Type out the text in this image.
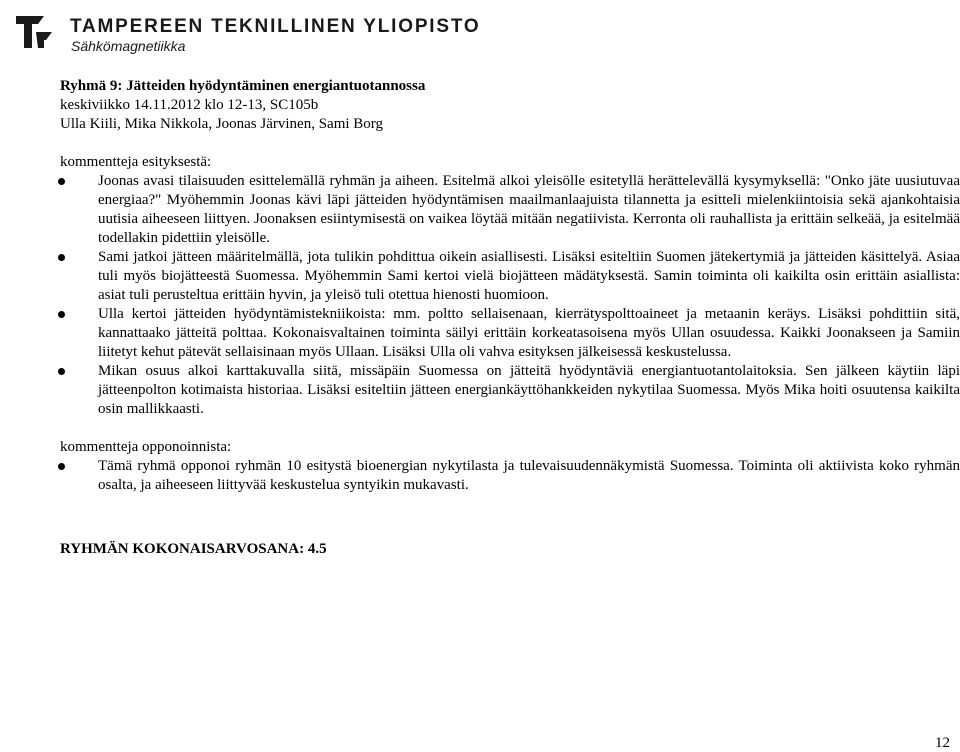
TAMPEREEN TEKNILLINEN YLIOPISTO
Sähkömagnetiikka

Ryhmä 9: Jätteiden hyödyntäminen energiantuotannossa

keskiviikko 14.11.2012 klo 12-13, SC105b

Ulla Kiili, Mika Nikkola, Joonas Järvinen, Sami Borg

kommentteja esityksestä:

Joonas avasi tilaisuuden esittelemällä ryhmän ja aiheen. Esitelmä alkoi yleisölle esitetyllä herättelevällä kysymyksellä: "Onko jäte uusiutuvaa energiaa?" Myöhemmin Joonas kävi läpi jätteiden hyödyntämisen maailmanlaajuista tilannetta ja esitteli mielenkiintoisia sekä ajankohtaisia uutisia aiheeseen liittyen. Joonaksen esiintymisestä on vaikea löytää mitään negatiivista. Kerronta oli rauhallista ja erittäin selkeää, ja esitelmää todellakin pidettiin yleisölle.
Sami jatkoi jätteen määritelmällä, jota tulikin pohdittua oikein asiallisesti. Lisäksi esiteltiin Suomen jätekertymiä ja jätteiden käsittelyä. Asiaa tuli myös biojätteestä Suomessa. Myöhemmin Sami kertoi vielä biojätteen mädätyksestä. Samin toiminta oli kaikilta osin erittäin asiallista: asiat tuli perusteltua erittäin hyvin, ja yleisö tuli otettua hienosti huomioon.
Ulla kertoi jätteiden hyödyntämistekniikoista: mm. poltto sellaisenaan, kierrätyspolttoaineet ja metaanin keräys. Lisäksi pohdittiin sitä, kannattaako jätteitä polttaa. Kokonaisvaltainen toiminta säilyi erittäin korkeatasoisena myös Ullan osuudessa. Kaikki Joonakseen ja Samiin liitetyt kehut pätevät sellaisinaan myös Ullaan. Lisäksi Ulla oli vahva esityksen jälkeisessä keskustelussa.
Mikan osuus alkoi karttakuvalla siitä, missäpäin Suomessa on jätteitä hyödyntäviä energiantuotantolaitoksia. Sen jälkeen käytiin läpi jätteenpolton kotimaista historiaa. Lisäksi esiteltiin jätteen energiankäyttöhankkeiden nykytilaa Suomessa. Myös Mika hoiti osuutensa kaikilta osin mallikkaasti.

kommentteja opponoinnista:

Tämä ryhmä opponoi ryhmän 10 esitystä bioenergian nykytilasta ja tulevaisuudennäkymistä Suomessa. Toiminta oli aktiivista koko ryhmän osalta, ja aiheeseen liittyvää keskustelua syntyikin mukavasti.

RYHMÄN KOKONAISARVOSANA: 4.5

12
